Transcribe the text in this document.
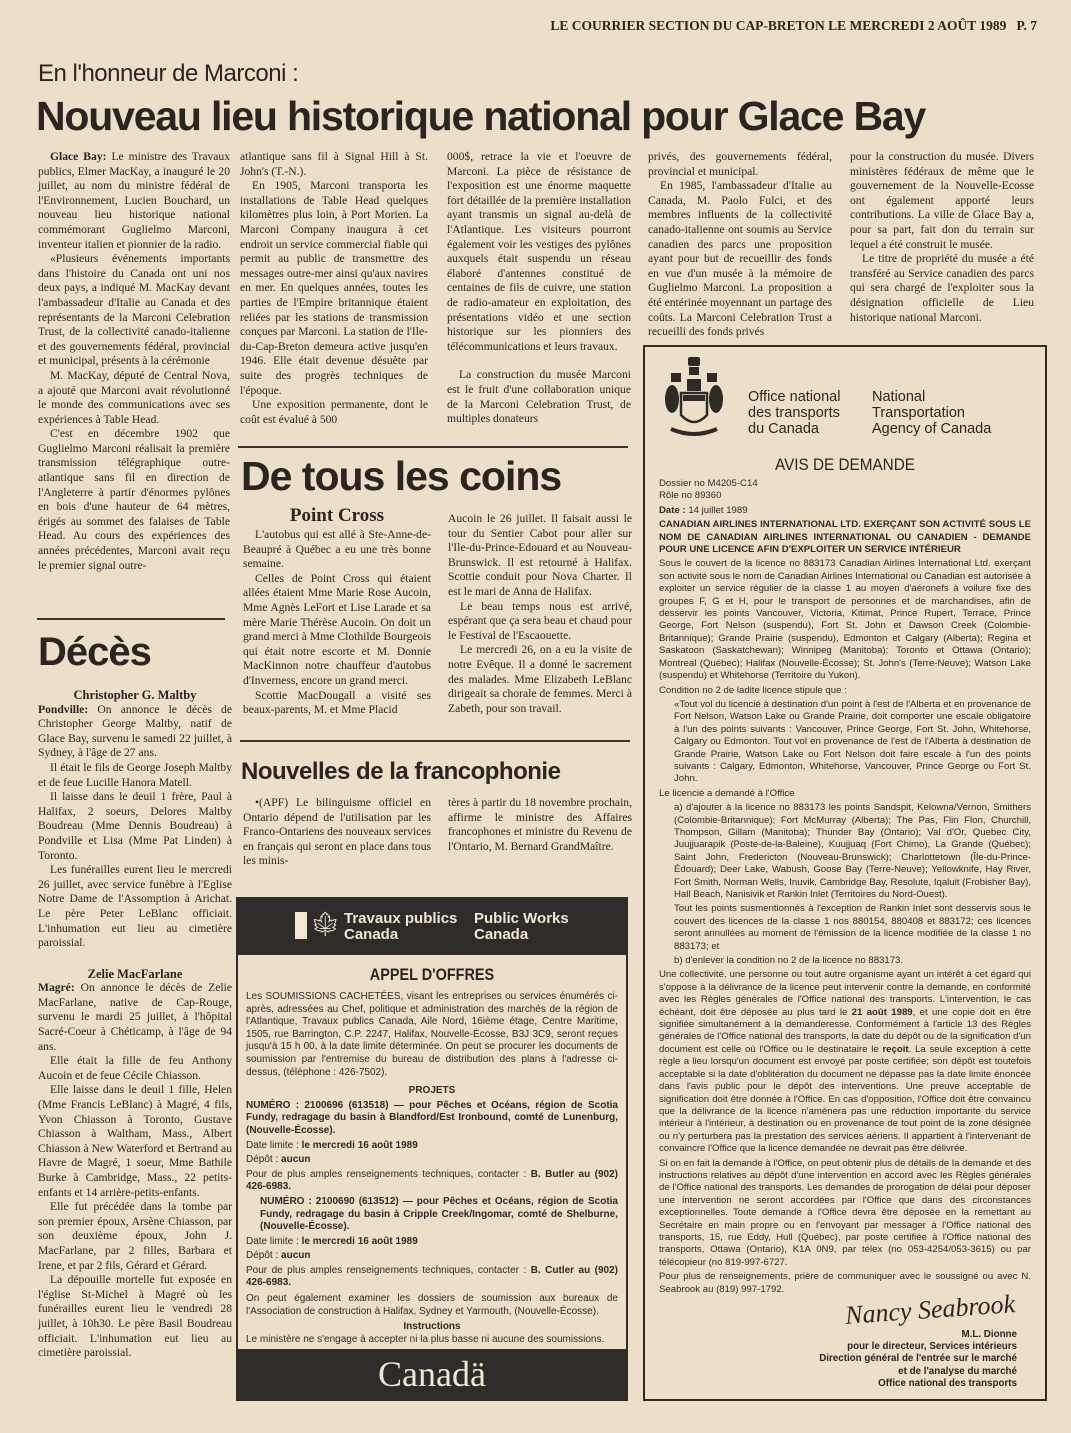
LE COURRIER SECTION DU CAP-BRETON LE MERCREDI 2 AOÛT 1989 P. 7
En l'honneur de Marconi :
Nouveau lieu historique national pour Glace Bay

Glace Bay: Le ministre des Travaux publics, Elmer MacKay, a inauguré le 20 juillet, au nom du ministre fédéral de l'Environnement, Lucien Bouchard, un nouveau lieu historique national commémorant Guglielmo Marconi, inventeur italien et pionnier de la radio.

«Plusieurs événements importants dans l'histoire du Canada ont uni nos deux pays, a indiqué M. MacKay devant l'ambassadeur d'Italie au Canada et des représentants de la Marconi Celebration Trust, de la collectivité canado-italienne et des gouvernements fédéral, provincial et municipal, présents à la cérémonie

M. MacKay, député de Central Nova, a ajouté que Marconi avait révolutionné le monde des communications avec ses expériences à Table Head.

C'est en décembre 1902 que Guglielmo Marconi réalisait la première transmission télégraphique outre-atlantique sans fil en direction de l'Angleterre à partir d'énormes pylônes en bois d'une hauteur de 64 mètres, érigés au sommet des falaises de Table Head. Au cours des expériences des années précédentes, Marconi avait reçu le premier signal outre-

atlantique sans fil à Signal Hill à St. John's (T.-N.).

En 1905, Marconi transporta les installations de Table Head quelques kilomètres plus loin, à Port Morien. La Marconi Company inaugura à cet endroit un service commercial fiable qui permit au public de transmettre des messages outre-mer ainsi qu'aux navires en mer. En quelques années, toutes les parties de l'Empire britannique étaient reliées par les stations de transmission conçues par Marconi. La station de l'Ile-du-Cap-Breton demeura active jusqu'en 1946. Elle était devenue désuète par suite des progrès techniques de l'époque.

Une exposition permanente, dont le coût est évalué à 500

000$, retrace la vie et l'oeuvre de Marconi. La pièce de résistance de l'exposition est une énorme maquette fort détaillée de la première installation ayant transmis un signal au-delà de l'Atlantique. Les visiteurs pourront également voir les vestiges des pylônes auxquels était suspendu un réseau élaboré d'antennes constitué de centaines de fils de cuivre, une station de radio-amateur en exploitation, des présentations vidéo et une section historique sur les pionniers des télécommunications et leurs travaux.

La construction du musée Marconi est le fruit d'une collaboration unique de la Marconi Celebration Trust, de multiples donateurs

privés, des gouvernements fédéral, provincial et municipal.

En 1985, l'ambassadeur d'Italie au Canada, M. Paolo Fulci, et des membres influents de la collectivité canado-italienne ont soumis au Service canadien des parcs une proposition ayant pour but de recueillir des fonds en vue d'un musée à la mémoire de Guglielmo Marconi. La proposition a été entérinée moyennant un partage des coûts. La Marconi Celebration Trust a recueilli des fonds privés

pour la construction du musée. Divers ministères fédéraux de même que le gouvernement de la Nouvelle-Ecosse ont également apporté leurs contributions. La ville de Glace Bay a, pour sa part, fait don du terrain sur lequel a été construit le musée.

Le titre de propriété du musée a été transféré au Service canadien des parcs qui sera chargé de l'exploiter sous la désignation officielle de Lieu historique national Marconi.

Décès
Christopher G. Maltby

Pondville: On annonce le décès de Christopher George Maltby, natif de Glace Bay, survenu le samedi 22 juillet, à Sydney, à l'âge de 27 ans.

Il était le fils de George Joseph Maltby et de feue Lucille Hanora Matell.

Il laisse dans le deuil 1 frère, Paul à Halifax, 2 soeurs, Delores Maltby Boudreau (Mme Dennis Boudreau) à Pondville et Lisa (Mme Pat Linden) à Toronto.

Les funérailles eurent lieu le mercredi 26 juillet, avec service funèbre à l'Eglise Notre Dame de l'Assomption à Arichat. Le père Peter LeBlanc officiait. L'inhumation eut lieu au cimetière paroissial.

Zelie MacFarlane

Magré: On annonce le décès de Zelie MacFarlane, native de Cap-Rouge, survenu le mardi 25 juillet, à l'hôpital Sacré-Coeur à Chéticamp, à l'âge de 94 ans.

Elle était la fille de feu Anthony Aucoin et de feue Cécile Chiasson.

Elle laisse dans le deuil 1 fille, Helen (Mme Francis LeBlanc) à Magré, 4 fils, Yvon Chiasson à Toronto, Gustave Chiasson à Waltham, Mass., Albert Chiasson à New Waterford et Bertrand au Havre de Magré, 1 soeur, Mme Bathile Burke à Cambridge, Mass., 22 petits-enfants et 14 arrière-petits-enfants.

Elle fut précédée dans la tombe par son premier époux, Arsène Chiasson, par son deuxième époux, John J. MacFarlane, par 2 filles, Barbara et Irene, et par 2 fils, Gérard et Gérard.

La dépouille mortelle fut exposée en l'église St-Michel à Magré où les funérailles eurent lieu le vendredi 28 juillet, à 10h30. Le père Basil Boudreau officiait. L'inhumation eut lieu au cimetière paroissial.

De tous les coins
Point Cross

L'autobus qui est allé à Ste-Anne-de-Beaupré à Québec a eu une très bonne semaine.

Celles de Point Cross qui étaient allées étaient Mme Marie Rose Aucoin, Mme Agnès LeFort et Lise Larade et sa mère Marie Thérèse Aucoin. On doit un grand merci à Mme Clothilde Bourgeois qui était notre escorte et M. Donnie MacKinnon notre chauffeur d'autobus d'Inverness, encore un grand merci.

Scottie MacDougall a visité ses beaux-parents, M. et Mme Placid

Aucoin le 26 juillet. Il faisait aussi le tour du Sentier Cabot pour aller sur l'Ile-du-Prince-Edouard et au Nouveau-Brunswick. Il est retourné à Halifax. Scottie conduit pour Nova Charter. Il est le mari de Anna de Halifax.

Le beau temps nous est arrivé, espérant que ça sera beau et chaud pour le Festival de l'Escaouette.

Le mercredi 26, on a eu la visite de notre Evêque. Il a donné le sacrement des malades. Mme Elizabeth LeBlanc dirigeait sa chorale de femmes. Merci à Zabeth, pour son travail.

Nouvelles de la francophonie

•(APF) Le bilinguisme officiel en Ontario dépend de l'utilisation par les Franco-Ontariens des nouveaux services en français qui seront en place dans tous les minis-

tères à partir du 18 novembre prochain, affirme le ministre des Affaires francophones et ministre du Revenu de l'Ontario, M. Bernard GrandMaître.

🍁︎ Travaux publics
Canada
Public Works
Canada
APPEL D'OFFRES

Les SOUMISSIONS CACHETÉES, visant les entreprises ou services énumérés ci-après, adressées au Chef, politique et administration des marchés de la région de l'Atlantique, Travaux publics Canada, Aile Nord, 16ième étage, Centre Maritime, 1505, rue Barrington, C.P. 2247, Halifax, Nouvelle-Écosse, B3J 3C9, seront reçues jusqu'à 15 h 00, à la date limite déterminée. On peut se procurer les documents de soumission par l'entremise du bureau de distribution des plans à l'adresse ci-dessus, (téléphone : 426-7502).

PROJETS

NUMÉRO : 2100696 (613518) — pour Pêches et Océans, région de Scotia Fundy, redragage du basin à Blandford/Est Ironbound, comté de Lunenburg, (Nouvelle-Écosse).

Date limite : le mercredi 16 août 1989

Dépôt : aucun

Pour de plus amples renseignements techniques, contacter : B. Butler au (902) 426-6983.

NUMÉRO : 2100690 (613512) — pour Pêches et Océans, région de Scotia Fundy, redragage du basin à Cripple Creek/Ingomar, comté de Shelburne, (Nouvelle-Écosse).

Date limite : le mercredi 16 août 1989

Dépôt : aucun

Pour de plus amples renseignements techniques, contacter : B. Cutler au (902) 426-6983.

On peut également examiner les dossiers de soumission aux bureaux de l'Association de construction à Halifax, Sydney et Yarmouth, (Nouvelle-Écosse).

Instructions

Le ministère ne s'engage à accepter ni la plus basse ni aucune des soumissions.

Canadä
Office national
des transports
du Canada
National
Transportation
Agency of Canada
AVIS DE DEMANDE

Dossier no M4205-C14

Rôle no 89360

Date : 14 juillet 1989

CANADIAN AIRLINES INTERNATIONAL LTD. EXERÇANT SON ACTIVITÉ SOUS LE NOM DE CANADIAN AIRLINES INTERNATIONAL OU CANADIEN - DEMANDE POUR UNE LICENCE AFIN D'EXPLOITER UN SERVICE INTÉRIEUR

Sous le couvert de la licence no 883173 Canadian Airlines International Ltd. exerçant son activité sous le nom de Canadian Airlines International ou Canadian est autorisée à exploiter un service régulier de la classe 1 au moyen d'aéronefs à voilure fixe des groupes F, G et H, pour le transport de personnes et de marchandises, afin de desservir les points Vancouver, Victoria, Kitimat, Prince Rupert, Terrace, Prince George, Fort Nelson (suspendu), Fort St. John et Dawson Creek (Colombie-Britannique); Grande Prairie (suspendu), Edmonton et Calgary (Alberta); Regina et Saskatoon (Saskatchewan); Winnipeg (Manitoba); Toronto et Ottawa (Ontario); Montreal (Québec); Halifax (Nouvelle-Écosse); St. John's (Terre-Neuve); Watson Lake (suspendu) et Whitehorse (Territoire du Yukon).

Condition no 2 de ladite licence stipule que :

«Tout vol du licencié à destination d'un point à l'est de l'Alberta et en provenance de Fort Nelson, Watson Lake ou Grande Prairie, doit comporter une escale obligatoire à l'un des points suivants : Vancouver, Prince George, Fort St. John, Whitehorse, Calgary ou Edmonton. Tout vol en provenance de l'est de l'Alberta à destination de Grande Prairie, Watson Lake ou Fort Nelson doit faire escale à l'un des points suivants : Calgary, Edmonton, Whitehorse, Vancouver, Prince George ou Fort St. John.

Le licencié a demandé à l'Office

a) d'ajouter à la licence no 883173 les points Sandspit, Kelowna/Vernon, Smithers (Colombie-Britannique); Fort McMurray (Alberta); The Pas, Flin Flon, Churchill, Thompson, Gillam (Manitoba); Thunder Bay (Ontario); Val d'Or, Quebec City, Juujjuarapik (Poste-de-la-Baleine), Kuujjuaq (Fort Chimo), La Grande (Québec); Saint John, Fredericton (Nouveau-Brunswick); Charlottetown (Île-du-Prince-Édouard); Deer Lake, Wabush, Goose Bay (Terre-Neuve); Yellowknife, Hay River, Fort Smith, Norman Wells, Inuvik, Cambridge Bay, Resolute, Iqaluit (Frobisher Bay), Hall Beach, Nanisivik et Rankin Inlet (Territoires du Nord-Ouest).

Tout les points susmentionnés à l'exception de Rankin Inlet sont desservis sous le couvert des licences de la classe 1 nos 880154, 880408 et 883172; ces licences seront annullées au moment de l'émission de la licence modifiée de la classe 1 no 883173; et

b) d'enlever la condition no 2 de la licence no 883173.

Une collectivité, une personne ou tout autre organisme ayant un intérêt à cet égard qui s'oppose à la délivrance de la licence peut intervenir contre la demande, en conformité avec les Règles générales de l'Office national des transports. L'intervention, le cas échéant, doit être déposée au plus tard le 21 août 1989, et une copie doit en être signifiée simultanément à la demanderesse. Conformément à l'article 13 des Règles générales de l'Office national des transports, la date du dépôt ou de la signification d'un document est celle où l'Office ou le destinataire le reçoit. La seule exception à cette règle a lieu lorsqu'un document est envoyé par poste certifiée; son dépôt est toutefois acceptable si la date d'oblitération du document ne dépasse pas la date limite énoncée dans l'avis public pour le dépôt des interventions. Une preuve acceptable de signification doit être donnée à l'Office. En cas d'opposition, l'Office doit être convaincu que la délivrance de la licence n'amènera pas une réduction importante du service intérieur à l'intérieur, à destination ou en provenance de tout point de la zone désignée ou n'y perturbera pas la prestation des services aériens. Il appartient à l'intervenant de convaincre l'Office que la licence demandée ne devrait pas être délivrée.

Si on en fait la demande à l'Office, on peut obtenir plus de détails de la demande et des instructions relatives au dépôt d'une intervention en accord avec les Règles générales de l'Office national des transports. Les demandes de prorogation de délai pour déposer une intervention ne seront accordées par l'Office que dans des circonstances exceptionnelles. Toute demande à l'Office devra être déposée en la remettant au Secrétaire en main propre ou en l'envoyant par messager à l'Office national des transports, 15, rue Eddy, Hull (Québec), par poste certifiée à l'Office national des transports, Ottawa (Ontario), K1A 0N9, par télex (no 053-4254/053-3615) ou par télécopieur (no 819-997-6727.

Pour plus de renseignements, prière de communiquer avec le soussigné ou avec N. Seabrook au (819) 997-1792.

Nancy Seabrook
M.L. Dionne
pour le directeur, Services intérieurs
Direction général de l'entrée sur le marché
et de l'analyse du marché
Office national des transports
